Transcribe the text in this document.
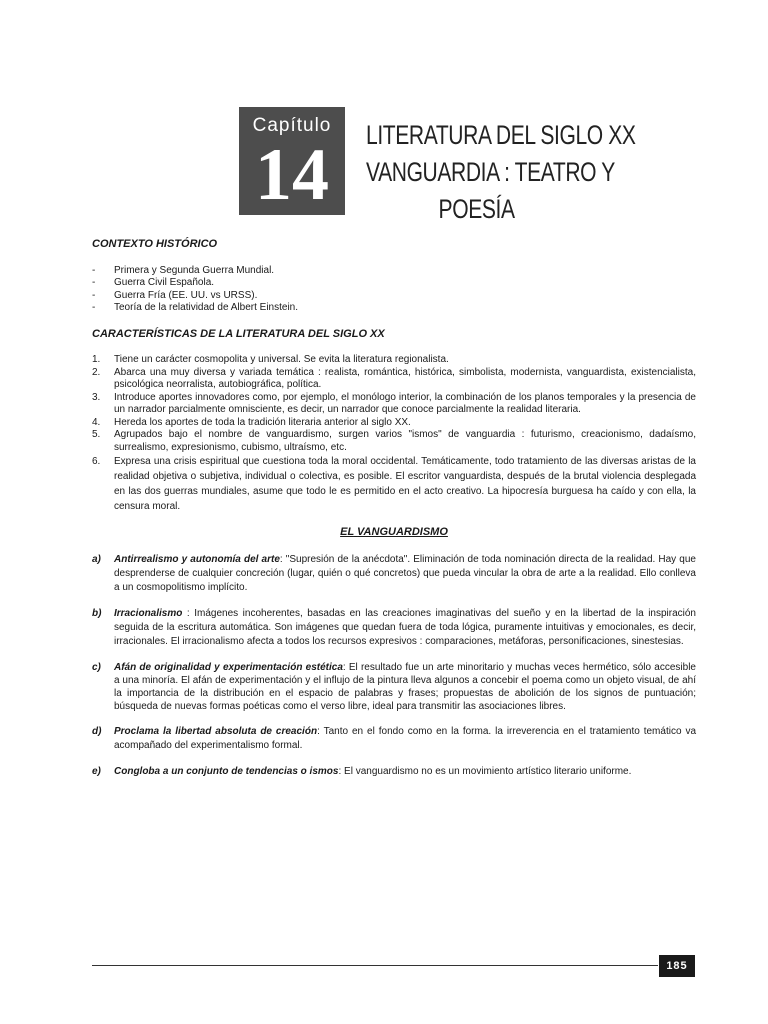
Capítulo
14	LITERATURA DEL SIGLO XX
VANGUARDIA : TEATRO Y
POESÍA
CONTEXTO HISTÓRICO
- Primera y Segunda Guerra Mundial.
- Guerra Civil Española.
- Guerra Fría (EE. UU. vs URSS).
- Teoría de la relatividad de Albert Einstein.
CARACTERÍSTICAS DE LA LITERATURA DEL SIGLO XX
1. Tiene un carácter cosmopolita y universal. Se evita la literatura regionalista.
2. Abarca una muy diversa y variada temática : realista, romántica, histórica, simbolista, modernista, vanguardista, existencialista, psicológica neorralista, autobiográfica, política.
3. Introduce aportes innovadores como, por ejemplo, el monólogo interior, la combinación de los planos temporales y la presencia de un narrador parcialmente omnisciente, es decir, un narrador que conoce parcialmente la realidad literaria.
4. Hereda los aportes de toda la tradición literaria anterior al siglo XX.
5. Agrupados bajo el nombre de vanguardismo, surgen varios "ismos" de vanguardia : futurismo, creacionismo, dadaísmo, surrealismo, expresionismo, cubismo, ultraísmo, etc.
6. Expresa una crisis espiritual que cuestiona toda la moral occidental. Temáticamente, todo tratamiento de las diversas aristas de la realidad objetiva o subjetiva, individual o colectiva, es posible. El escritor vanguardista, después de la brutal violencia desplegada en las dos guerras mundiales, asume que todo le es permitido en el acto creativo. La hipocresía burguesa ha caído y con ella, la censura moral.
EL VANGUARDISMO
a) Antirrealismo y autonomía del arte: "Supresión de la anécdota". Eliminación de toda nominación directa de la realidad. Hay que desprenderse de cualquier concreción (lugar, quién o qué concretos) que pueda vincular la obra de arte a la realidad. Ello conlleva a un cosmopolitismo implícito.
b) Irracionalismo : Imágenes incoherentes, basadas en las creaciones imaginativas del sueño y en la libertad de la inspiración seguida de la escritura automática. Son imágenes que quedan fuera de toda lógica, puramente intuitivas y emocionales, es decir, irracionales. El irracionalismo afecta a todos los recursos expresivos : comparaciones, metáforas, personificaciones, sinestesias.
c) Afán de originalidad y experimentación estética: El resultado fue un arte minoritario y muchas veces hermético, sólo accesible a una minoría. El afán de experimentación y el influjo de la pintura lleva algunos a concebir el poema como un objeto visual, de ahí la importancia de la distribución en el espacio de palabras y frases; propuestas de abolición de los signos de puntuación; búsqueda de nuevas formas poéticas como el verso libre, ideal para transmitir las asociaciones libres.
d) Proclama la libertad absoluta de creación: Tanto en el fondo como en la forma. la irreverencia en el tratamiento temático va acompañado del experimentalismo formal.
e) Congloba a un conjunto de tendencias o ismos: El vanguardismo no es un movimiento artístico literario uniforme.
185
